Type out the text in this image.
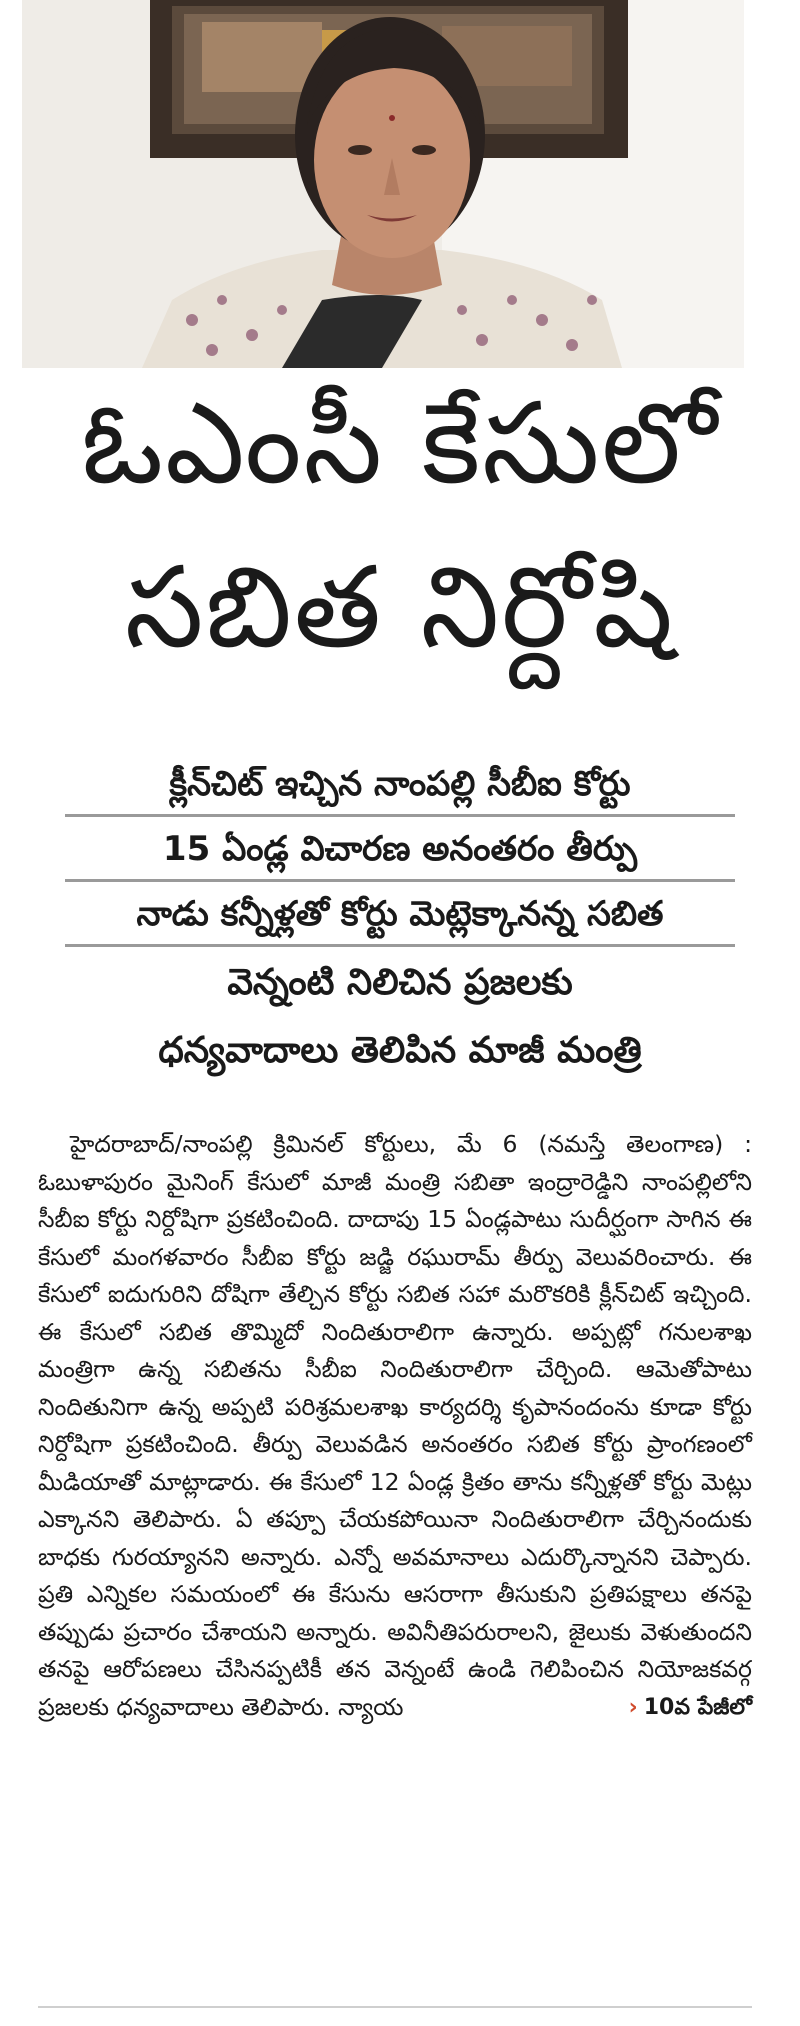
ఓఎంసీ కేసులో
సబిత నిర్దోషి
క్లీన్‌చిట్ ఇచ్చిన నాంపల్లి సీబీఐ కోర్టు
15 ఏండ్ల విచారణ అనంతరం తీర్పు
నాడు కన్నీళ్లతో కోర్టు మెట్లెక్కానన్న సబిత
వెన్నంటి నిలిచిన ప్రజలకు
ధన్యవాదాలు తెలిపిన మాజీ మంత్రి

హైదరాబాద్/నాంపల్లి క్రిమినల్ కోర్టులు, మే 6 (నమస్తే తెలంగాణ) : ఓబుళాపురం మైనింగ్ కేసులో మాజీ మంత్రి సబితా ఇంద్రారెడ్డిని నాంపల్లిలోని సీబీఐ కోర్టు నిర్దోషిగా ప్రకటించింది. దాదాపు 15 ఏండ్లపాటు సుదీర్ఘంగా సాగిన ఈ కేసులో మంగళవారం సీబీఐ కోర్టు జడ్జి రఘురామ్ తీర్పు వెలువరించారు. ఈ కేసులో ఐదుగురిని దోషిగా తేల్చిన కోర్టు సబిత సహా మరొకరికి క్లీన్‌చిట్ ఇచ్చింది. ఈ కేసులో సబిత తొమ్మిదో నిందితురాలిగా ఉన్నారు. అప్పట్లో గనులశాఖ మంత్రిగా ఉన్న సబితను సీబీఐ నిందితురాలిగా చేర్చింది. ఆమెతోపాటు నిందితునిగా ఉన్న అప్పటి పరిశ్రమలశాఖ కార్యదర్శి కృపానందంను కూడా కోర్టు నిర్దోషిగా ప్రకటించింది. తీర్పు వెలువడిన అనంతరం సబిత కోర్టు ప్రాంగణంలో మీడియాతో మాట్లాడారు. ఈ కేసులో 12 ఏండ్ల క్రితం తాను కన్నీళ్లతో కోర్టు మెట్లు ఎక్కానని తెలిపారు. ఏ తప్పూ చేయకపోయినా నిందితురాలిగా చేర్చినందుకు బాధకు గురయ్యానని అన్నారు. ఎన్నో అవమానాలు ఎదుర్కొన్నానని చెప్పారు. ప్రతి ఎన్నికల సమయంలో ఈ కేసును ఆసరాగా తీసుకుని ప్రతిపక్షాలు తనపై తప్పుడు ప్రచారం చేశాయని అన్నారు. అవినీతిపరురాలని, జైలుకు వెళుతుందని తనపై ఆరోపణలు చేసినప్పటికీ తన వెన్నంటే ఉండి గెలిపించిన నియోజకవర్గ ప్రజలకు ధన్యవాదాలు తెలిపారు. న్యాయ	› 10వ పేజీలో
